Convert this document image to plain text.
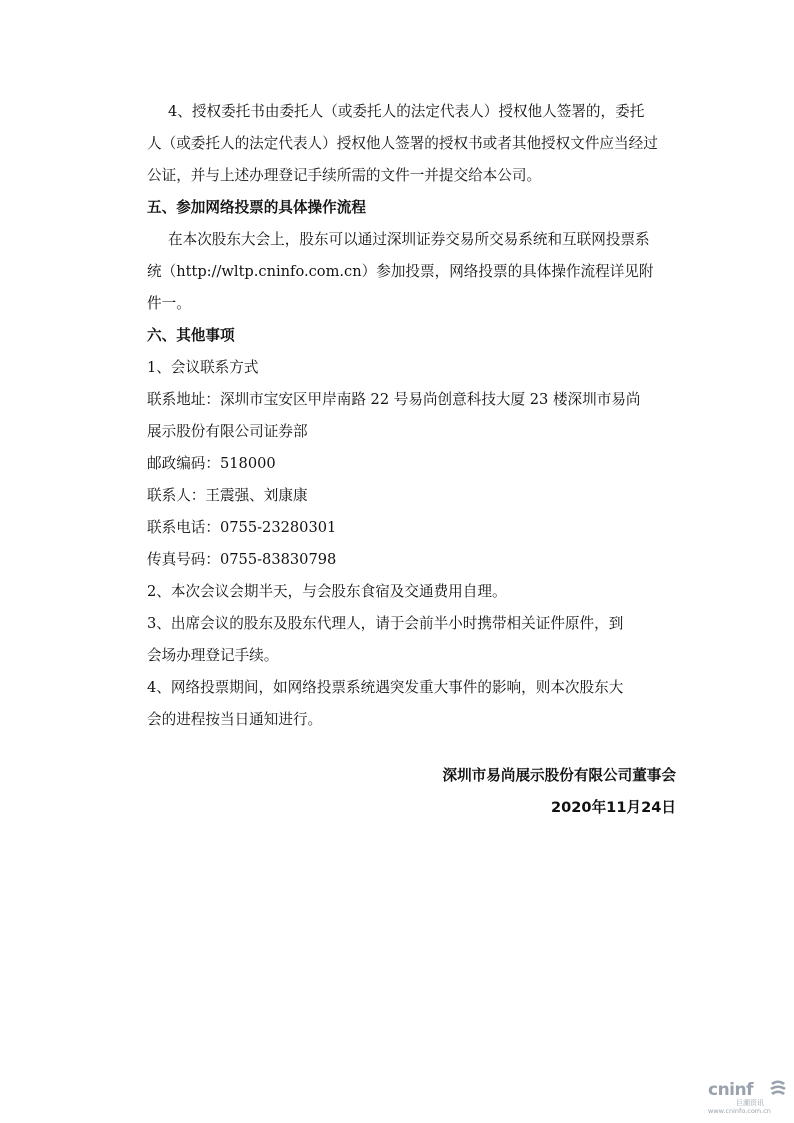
4、授权委托书由委托人（或委托人的法定代表人）授权他人签署的，委托
人（或委托人的法定代表人）授权他人签署的授权书或者其他授权文件应当经过
公证，并与上述办理登记手续所需的文件一并提交给本公司。
五、参加网络投票的具体操作流程
在本次股东大会上，股东可以通过深圳证券交易所交易系统和互联网投票系
统（http://wltp.cninfo.com.cn）参加投票，网络投票的具体操作流程详见附
件一。
六、其他事项
1、会议联系方式
联系地址：深圳市宝安区甲岸南路 22 号易尚创意科技大厦 23 楼深圳市易尚
展示股份有限公司证券部
邮政编码：518000
联系人：王震强、刘康康
联系电话：0755-23280301
传真号码：0755-83830798
2、本次会议会期半天，与会股东食宿及交通费用自理。
3、出席会议的股东及股东代理人，请于会前半小时携带相关证件原件，到
会场办理登记手续。
4、网络投票期间，如网络投票系统遇突发重大事件的影响，则本次股东大
会的进程按当日通知进行。
深圳市易尚展示股份有限公司董事会
2020年11月24日
cninf
巨潮资讯
www.cninfo.com.cn
